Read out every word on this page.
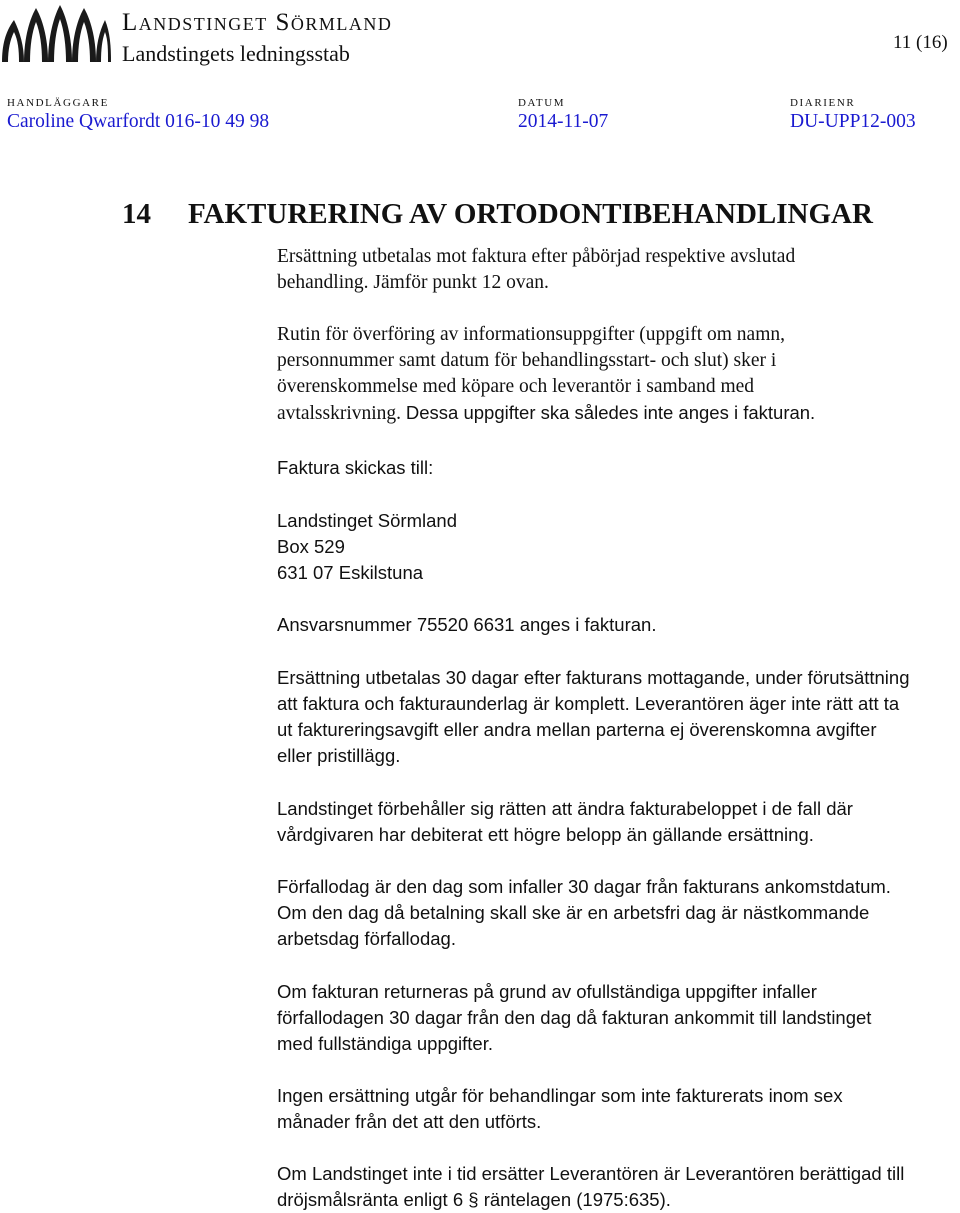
Landstinget Sörmland
Landstingets ledningsstab	11 (16)
HANDLÄGGARE
Caroline Qwarfordt 016-10 49 98
DATUM
2014-11-07
DIARIENR
DU-UPP12-003
14 FAKTURERING AV ORTODONTIBEHANDLINGAR

Ersättning utbetalas mot faktura efter påbörjad respektive avslutad
behandling. Jämför punkt 12 ovan.

Rutin för överföring av informationsuppgifter (uppgift om namn,
personnummer samt datum för behandlingsstart- och slut) sker i
överenskommelse med köpare och leverantör i samband med
avtalsskrivning. Dessa uppgifter ska således inte anges i fakturan.

Faktura skickas till:

Landstinget Sörmland
Box 529
631 07 Eskilstuna

Ansvarsnummer 75520 6631 anges i fakturan.

Ersättning utbetalas 30 dagar efter fakturans mottagande, under förutsättning
att faktura och fakturaunderlag är komplett. Leverantören äger inte rätt att ta
ut faktureringsavgift eller andra mellan parterna ej överenskomna avgifter
eller pristillägg.

Landstinget förbehåller sig rätten att ändra fakturabeloppet i de fall där
vårdgivaren har debiterat ett högre belopp än gällande ersättning.

Förfallodag är den dag som infaller 30 dagar från fakturans ankomstdatum.
Om den dag då betalning skall ske är en arbetsfri dag är nästkommande
arbetsdag förfallodag.

Om fakturan returneras på grund av ofullständiga uppgifter infaller
förfallodagen 30 dagar från den dag då fakturan ankommit till landstinget
med fullständiga uppgifter.

Ingen ersättning utgår för behandlingar som inte fakturerats inom sex
månader från det att den utförts.

Om Landstinget inte i tid ersätter Leverantören är Leverantören berättigad till
dröjsmålsränta enligt 6 § räntelagen (1975:635).
